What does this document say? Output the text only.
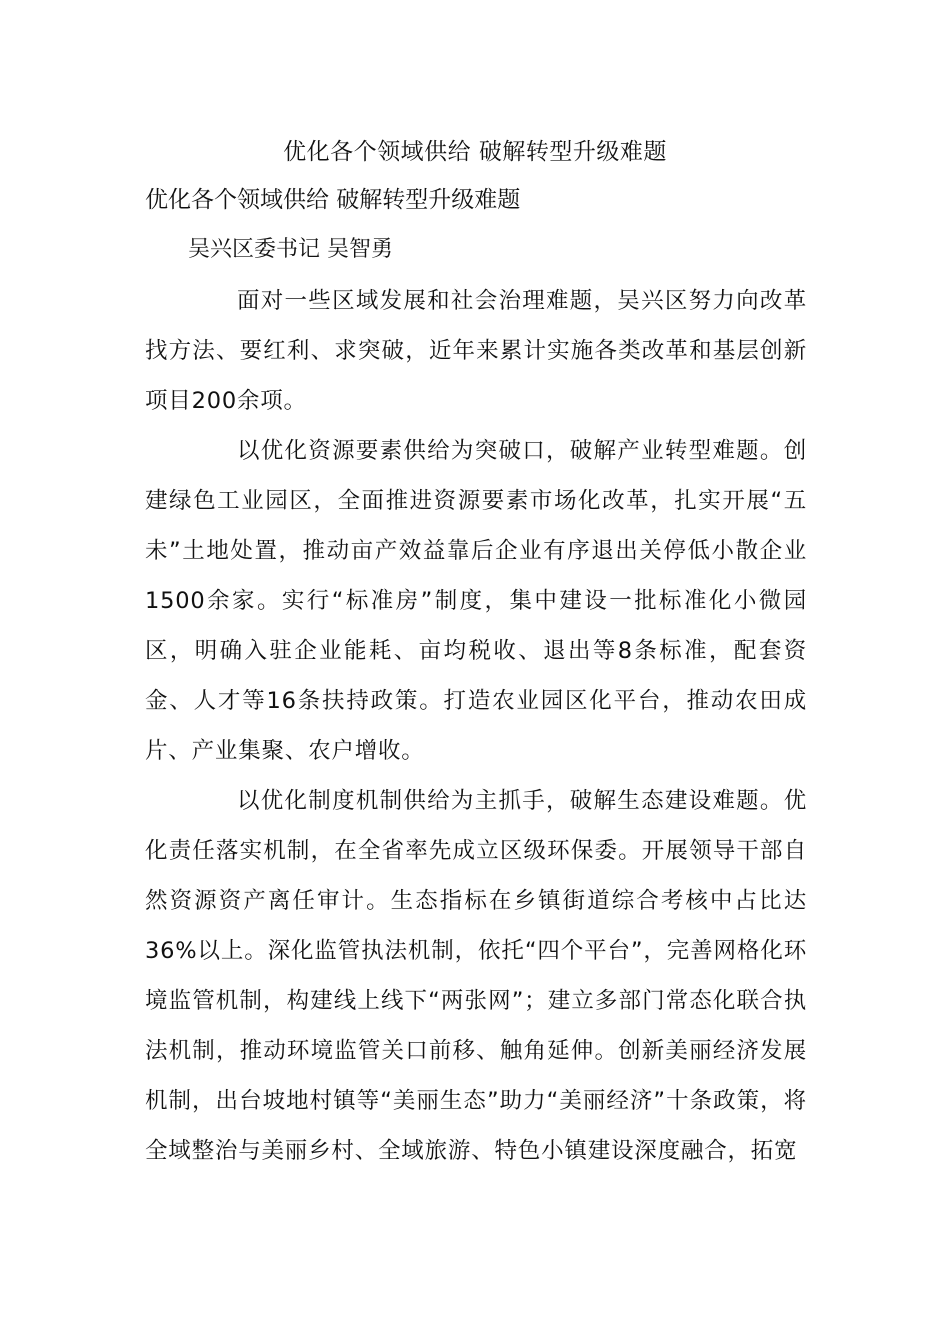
优化各个领域供给 破解转型升级难题
优化各个领域供给 破解转型升级难题
吴兴区委书记 吴智勇

面对一些区域发展和社会治理难题，吴兴区努力向改革找方法、要红利、求突破，近年来累计实施各类改革和基层创新项目200余项。

以优化资源要素供给为突破口，破解产业转型难题。创建绿色工业园区，全面推进资源要素市场化改革，扎实开展“五未”土地处置，推动亩产效益靠后企业有序退出关停低小散企业1500余家。实行“标准房”制度，集中建设一批标准化小微园区，明确入驻企业能耗、亩均税收、退出等8条标准，配套资金、人才等16条扶持政策。打造农业园区化平台，推动农田成片、产业集聚、农户增收。

以优化制度机制供给为主抓手，破解生态建设难题。优化责任落实机制，在全省率先成立区级环保委。开展领导干部自然资源资产离任审计。生态指标在乡镇街道综合考核中占比达36%以上。深化监管执法机制，依托“四个平台”，完善网格化环境监管机制，构建线上线下“两张网”；建立多部门常态化联合执法机制，推动环境监管关口前移、触角延伸。创新美丽经济发展机制，出台坡地村镇等“美丽生态”助力“美丽经济”十条政策，将全域整治与美丽乡村、全域旅游、特色小镇建设深度融合，拓宽
